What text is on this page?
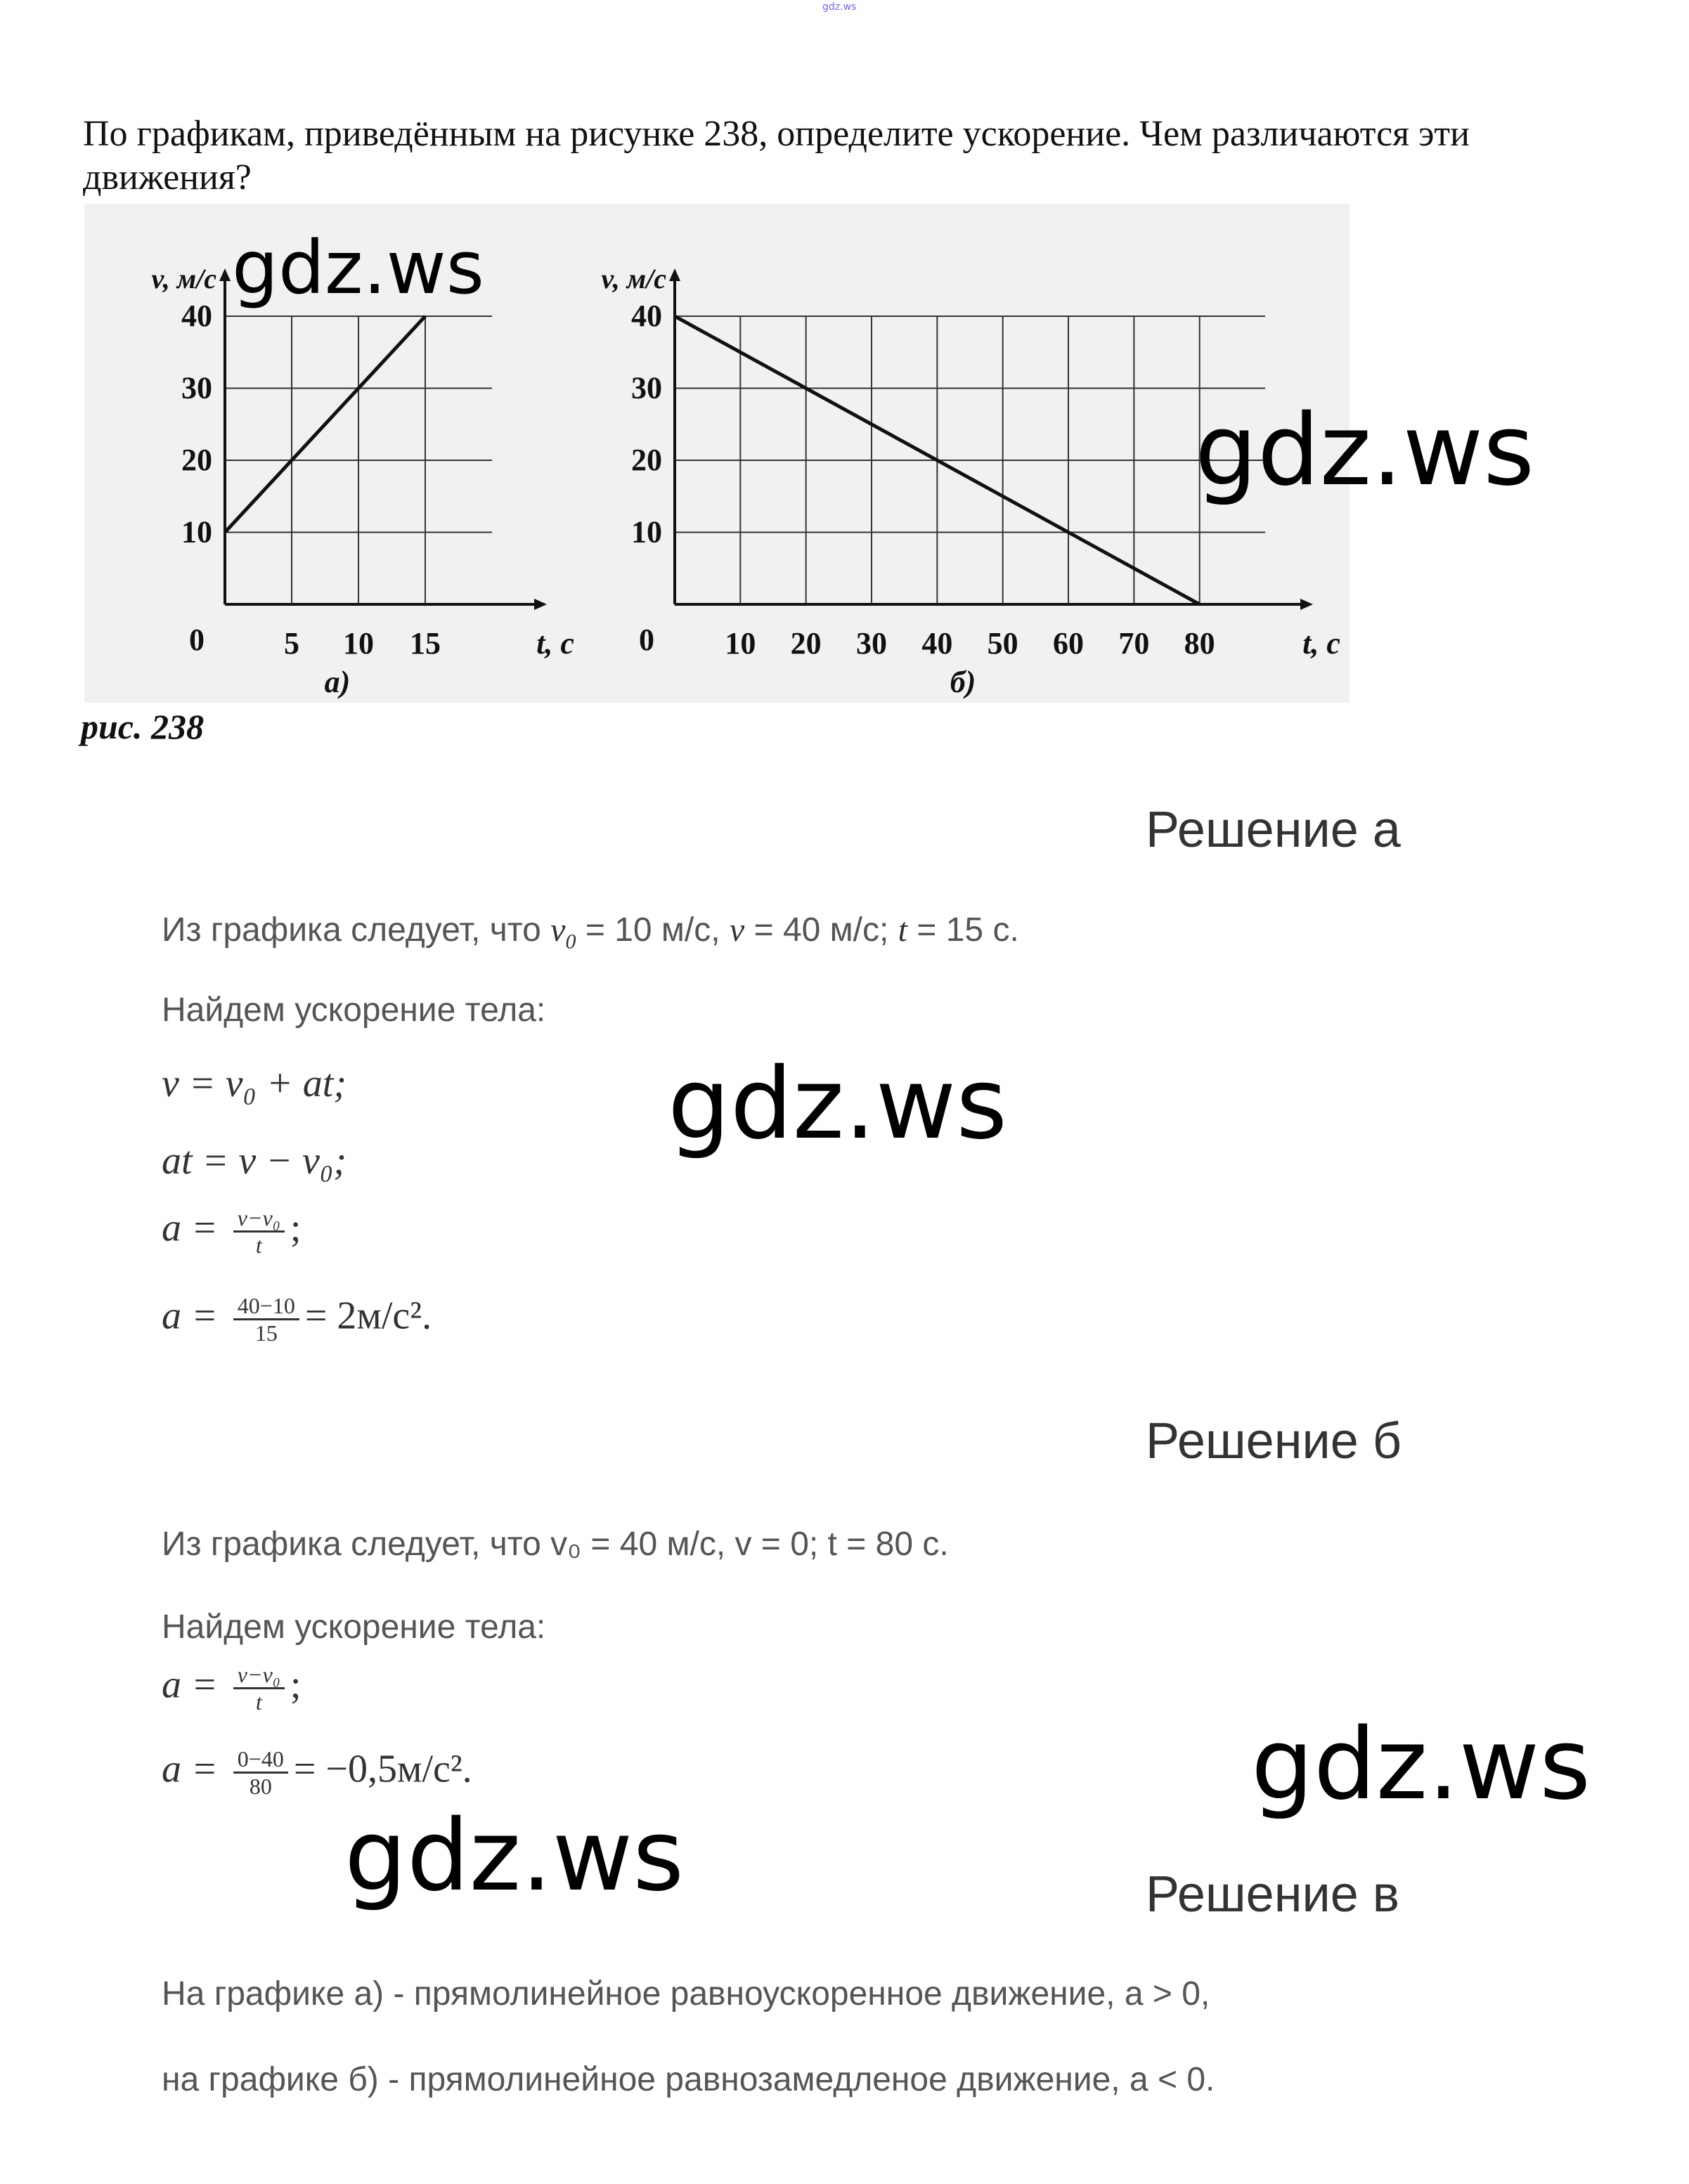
gdz.ws
По графикам, приведённым на рисунке 238, определите ускорение. Чем различаются эти движения?
10
20
30
40
5 10 15
0
v, м/с
t, с
а)
10
20
30
40
10 20 30 40 50 60 70 80
0
v, м/с
t, с
б)
рис. 238
Решение а
Из графика следует, что $v_0 = 10$ м/с, v = 40 м/с; t = 15 с.
Найдем ускорение тела:
v = v₀ + at;
at = v − v₀;
$a = \frac{\text{v−v₀}}{t}$ ;
$a = \frac{40-10}{15} = 2м/с^2$.
Решение б
Из графика следует, что v₀ = 40 м/с, v = 0; t = 80 с.
Найдем ускорение тела:
$a = \frac{\text{v−v₀}}{t}$ ;
$a = \frac{0-40}{80} = -0,5м/с^2$.
Решение в
На графике а) - прямолинейное равноускоренное движение, a > 0,
на графике б) - прямолинейное равнозамедленое движение, a < 0.
gdz.ws
gdz.ws
gdz.ws
gdz.ws
gdz.ws
